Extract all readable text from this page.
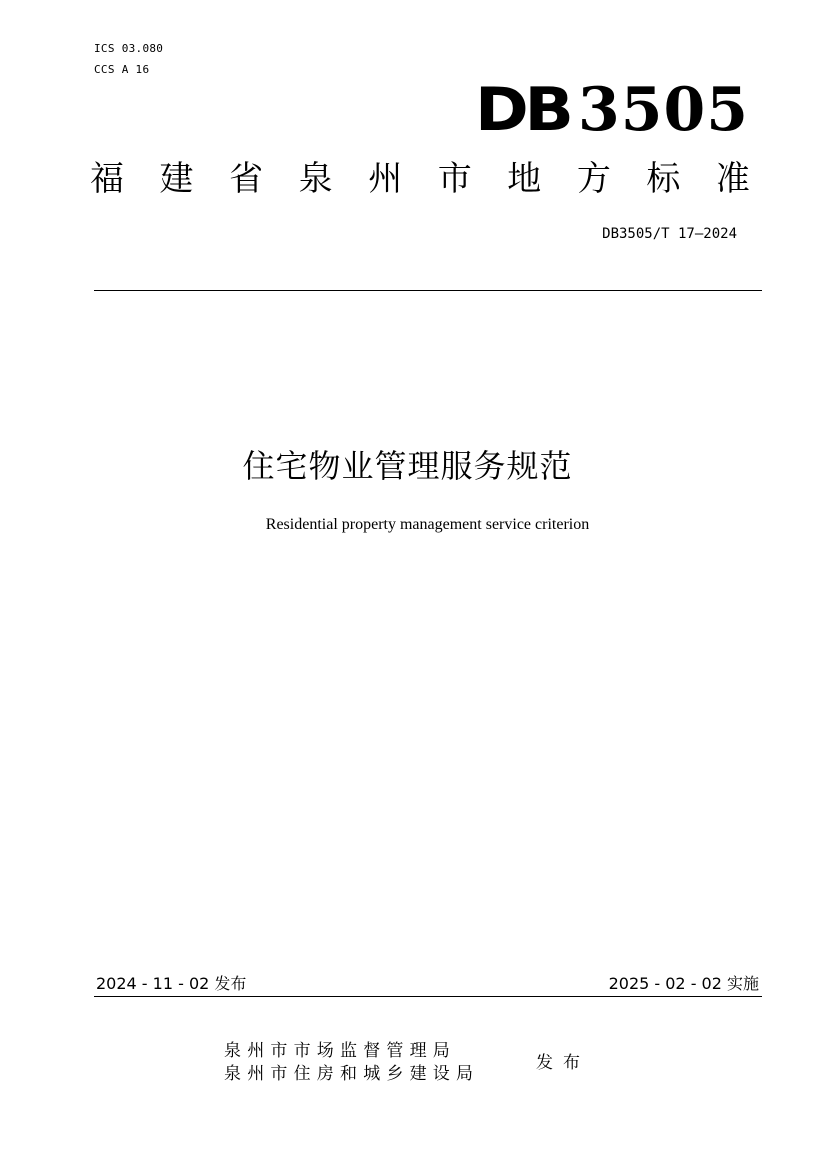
ICS 03.080
CCS A 16
DB 3505
福 建 省 泉 州 市 地 方 标 准
DB3505/T 17—2024
住宅物业管理服务规范
Residential property management service criterion
2024 - 11 - 02 发布	2025 - 02 - 02 实施
泉州市市场监督管理局
泉州市住房和城乡建设局
发布
